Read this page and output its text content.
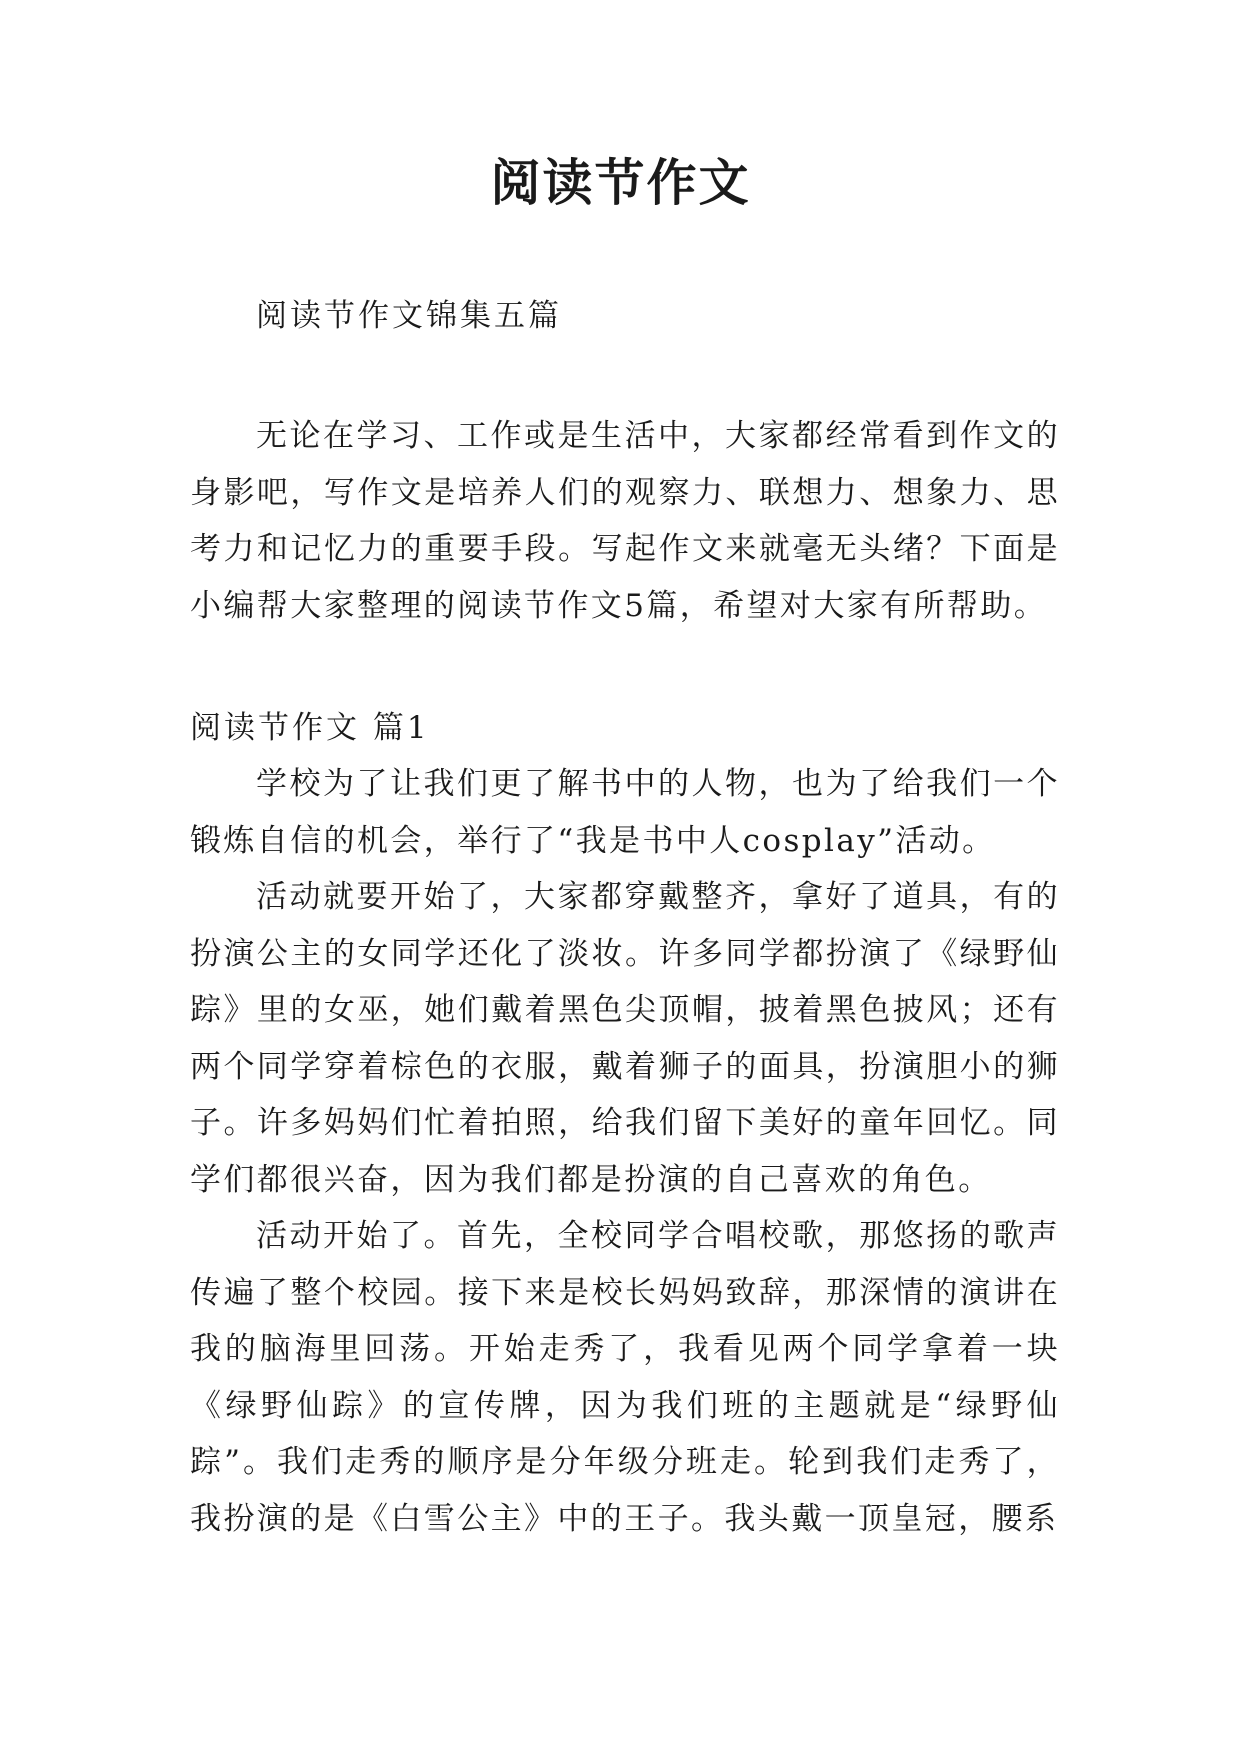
阅读节作文

阅读节作文锦集五篇

无论在学习、工作或是生活中，大家都经常看到作文的身影吧，写作文是培养人们的观察力、联想力、想象力、思考力和记忆力的重要手段。写起作文来就毫无头绪？下面是小编帮大家整理的阅读节作文5篇，希望对大家有所帮助。

阅读节作文 篇1

学校为了让我们更了解书中的人物，也为了给我们一个锻炼自信的机会，举行了“我是书中人cosplay”活动。

活动就要开始了，大家都穿戴整齐，拿好了道具，有的扮演公主的女同学还化了淡妆。许多同学都扮演了《绿野仙踪》里的女巫，她们戴着黑色尖顶帽，披着黑色披风；还有两个同学穿着棕色的衣服，戴着狮子的面具，扮演胆小的狮子。许多妈妈们忙着拍照，给我们留下美好的童年回忆。同学们都很兴奋，因为我们都是扮演的自己喜欢的角色。

活动开始了。首先，全校同学合唱校歌，那悠扬的歌声传遍了整个校园。接下来是校长妈妈致辞，那深情的演讲在我的脑海里回荡。开始走秀了，我看见两个同学拿着一块《绿野仙踪》的宣传牌，因为我们班的主题就是“绿野仙踪”。我们走秀的顺序是分年级分班走。轮到我们走秀了，我扮演的是《白雪公主》中的王子。我头戴一顶皇冠，腰系
